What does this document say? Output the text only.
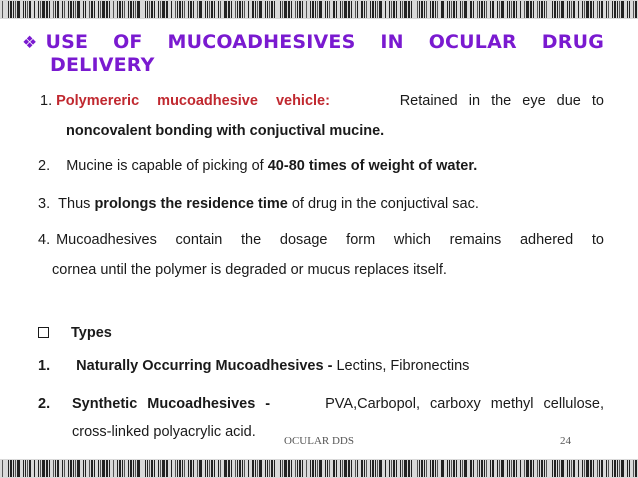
❖ USE OF MUCOADHESIVES IN OCULAR DRUG
DELIVERY
1. Polymereric mucoadhesive vehicle:	Retained in the eye due to
noncovalent bonding with conjuctival mucine.
2. Mucine is capable of picking of 40-80 times of weight of water.
3. Thus prolongs the residence time of drug in the conjuctival sac.
4. Mucoadhesives contain the dosage form which remains adhered to
cornea until the polymer is degraded or mucus replaces itself.
Types
1. Naturally Occurring Mucoadhesives - Lectins, Fibronectins
2.	Synthetic Mucoadhesives -	PVA,Carbopol, carboxy methyl cellulose,
cross-linked polyacrylic acid.
OCULAR DDS	24
